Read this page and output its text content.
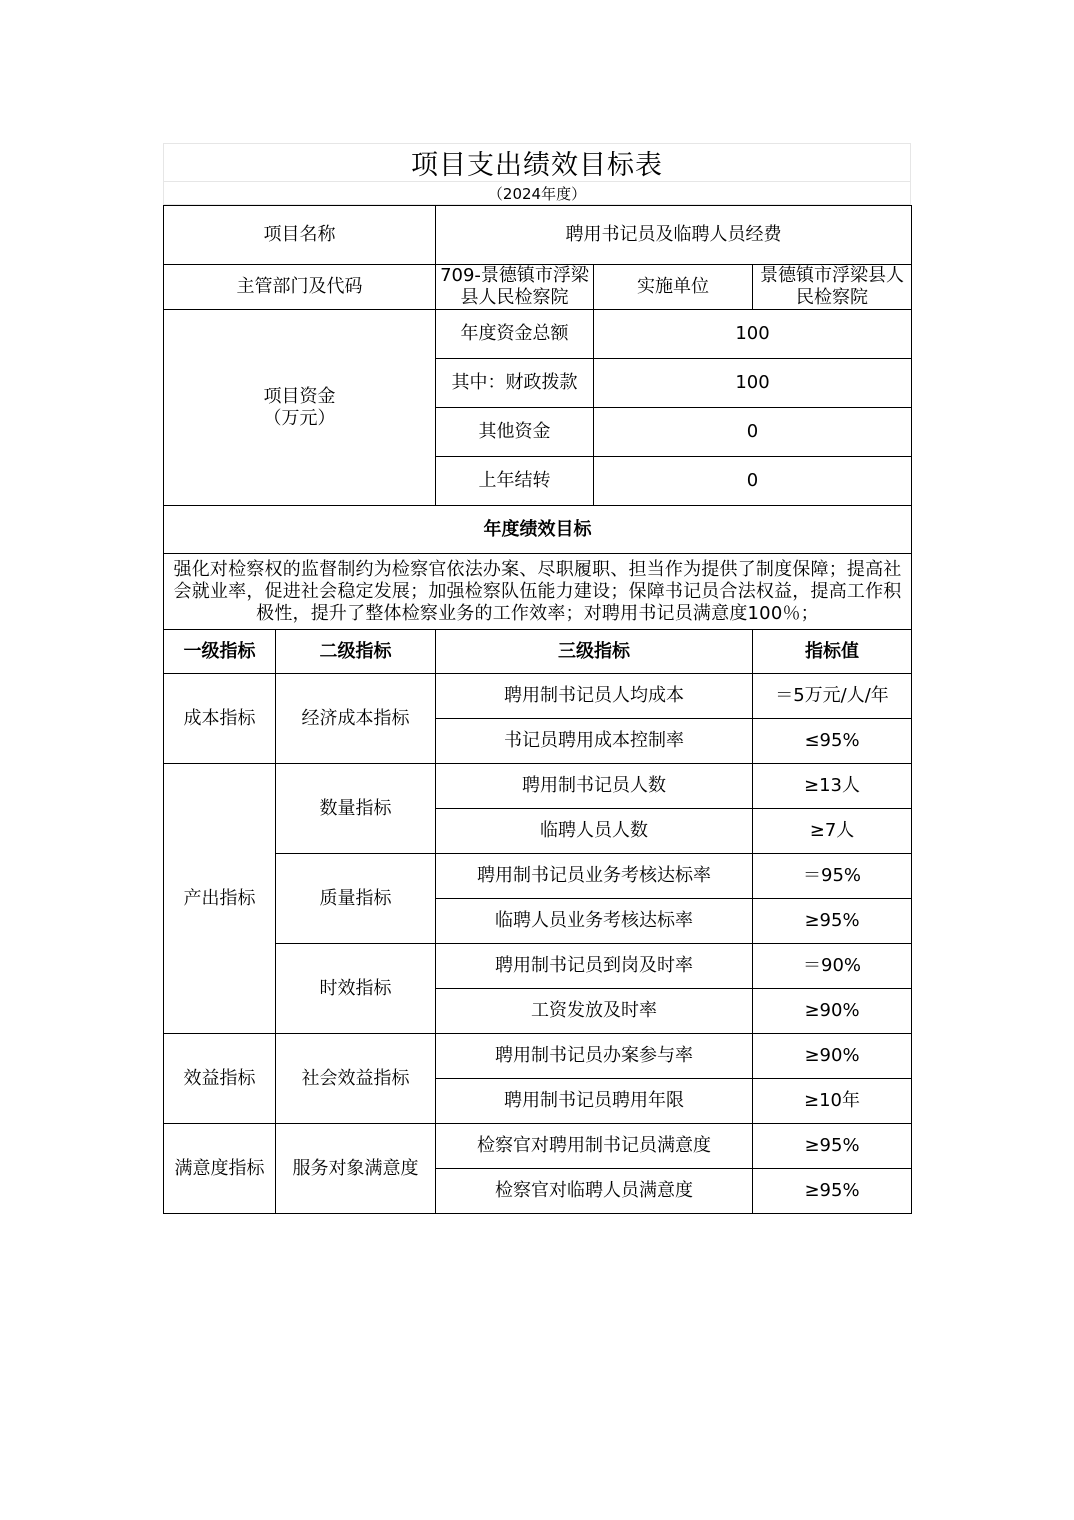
项目支出绩效目标表
（2024年度）
项目名称		聘用书记员及临聘人员经费		
主管部门及代码		709-景德镇市浮梁县人民检察院	实施单位	景德镇市浮梁县人民检察院

项目资金
（万元）		年度资金总额	100	
		其中：财政拨款	100	
		其他资金	0	
		上年结转	0	
年度绩效目标				
强化对检察权的监督制约为检察官依法办案、尽职履职、担当作为提供了制度保障；提高社会就业率，促进社会稳定发展；加强检察队伍能力建设；保障书记员合法权益，提高工作积极性，提升了整体检察业务的工作效率；对聘用书记员满意度100％；				
一级指标	二级指标	三级指标		指标值
成本指标	经济成本指标	聘用制书记员人均成本		＝5万元/人/年
		书记员聘用成本控制率		≤95%
产出指标	数量指标	聘用制书记员人数		≥13人
		临聘人员人数		≥7人
	质量指标	聘用制书记员业务考核达标率		＝95%
		临聘人员业务考核达标率		≥95%
	时效指标	聘用制书记员到岗及时率		＝90%
		工资发放及时率		≥90%
效益指标	社会效益指标	聘用制书记员办案参与率		≥90%
		聘用制书记员聘用年限		≥10年
满意度指标	服务对象满意度	检察官对聘用制书记员满意度		≥95%
		检察官对临聘人员满意度		≥95%
